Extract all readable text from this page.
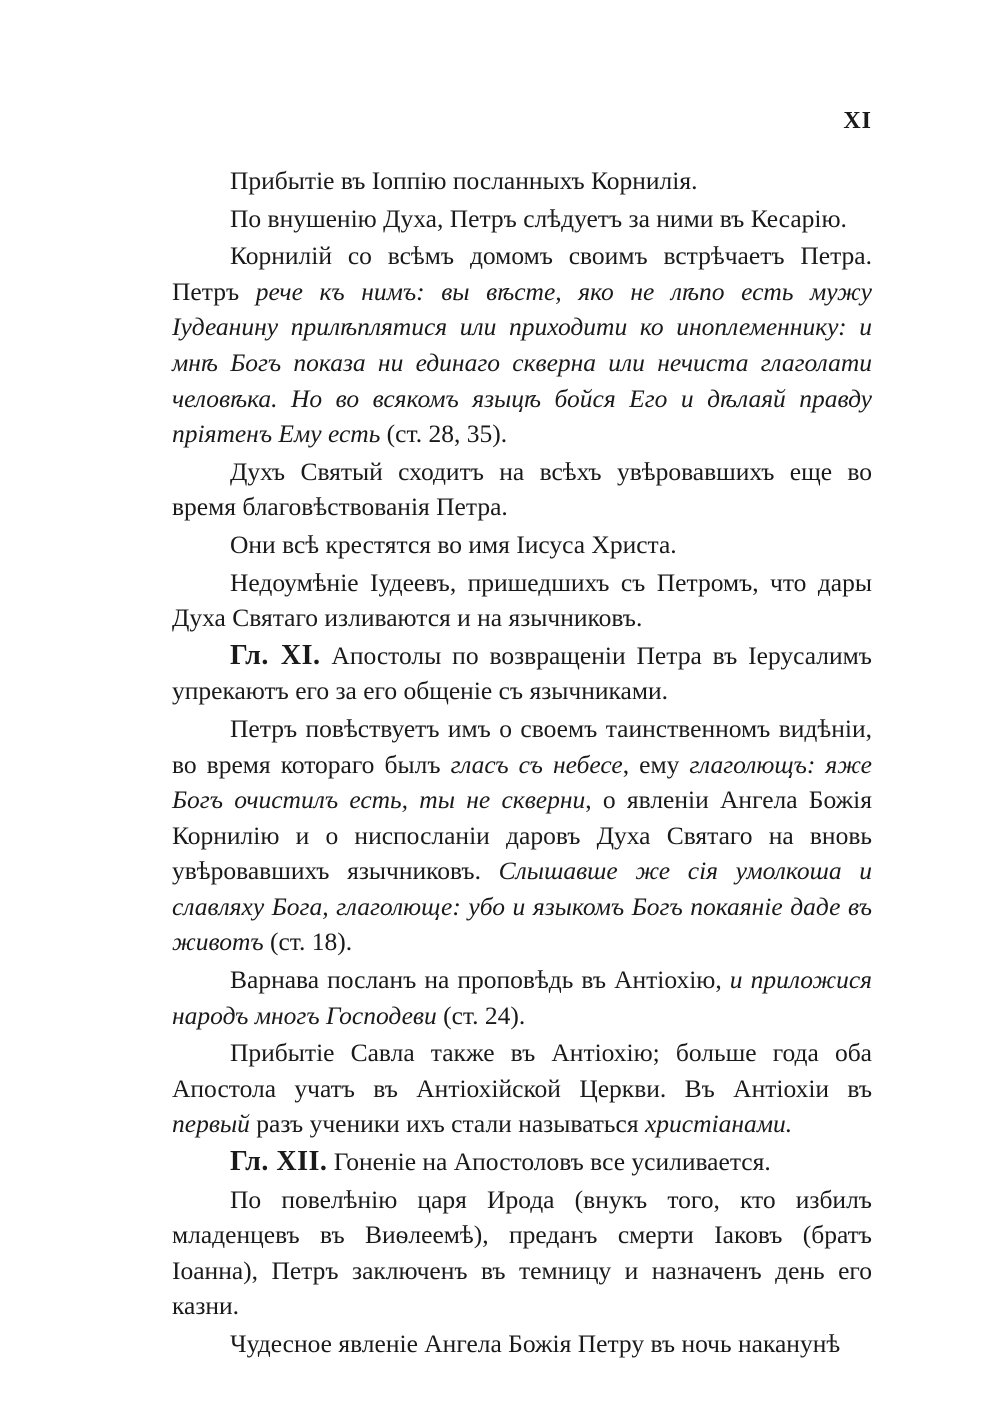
XI

Прибытіе въ Іоппію посланныхъ Корнилія.

По внушенію Духа, Петръ слѣдуетъ за ними въ Кесарію.

Корнилій со всѣмъ домомъ своимъ встрѣчаетъ Петра. Петръ рече къ нимъ: вы вѣсте, яко не лѣпо есть мужу Іудеанину прилѣплятися или приходити ко иноплеменнику: и мнѣ Богъ показа ни единаго скверна или нечиста глаголати человѣка. Но во всякомъ языцѣ бойся Его и дѣлаяй правду пріятенъ Ему есть (ст. 28, 35).

Духъ Святый сходитъ на всѣхъ увѣровавшихъ еще во время благовѣствованія Петра.

Они всѣ крестятся во имя Іисуса Христа.

Недоумѣніе Іудеевъ, пришедшихъ съ Петромъ, что дары Духа Святаго изливаются и на язычниковъ.

Гл. XI. Апостолы по возвращеніи Петра въ Іерусалимъ упрекаютъ его за его общеніе съ язычниками.

Петръ повѣствуетъ имъ о своемъ таинственномъ видѣніи, во время котораго былъ гласъ съ небесе, ему глаголющъ: яже Богъ очистилъ есть, ты не скверни, о явленіи Ангела Божія Корнилію и о ниспосланіи даровъ Духа Святаго на вновь увѣровавшихъ язычниковъ. Слышавше же сія умолкоша и славляху Бога, глаголюще: убо и языкомъ Богъ покаяніе даде въ животъ (ст. 18).

Варнава посланъ на проповѣдь въ Антіохію, и приложися народъ многъ Господеви (ст. 24).

Прибытіе Савла также въ Антіохію; больше года оба Апостола учатъ въ Антіохійской Церкви. Въ Антіохіи въ первый разъ ученики ихъ стали называться христіанами.

Гл. XII. Гоненіе на Апостоловъ все усиливается.

По повелѣнію царя Ирода (внукъ того, кто избилъ младенцевъ въ Виѳлеемѣ), преданъ смерти Іаковъ (братъ Іоанна), Петръ заключенъ въ темницу и назначенъ день его казни.

Чудесное явленіе Ангела Божія Петру въ ночь наканунѣ
